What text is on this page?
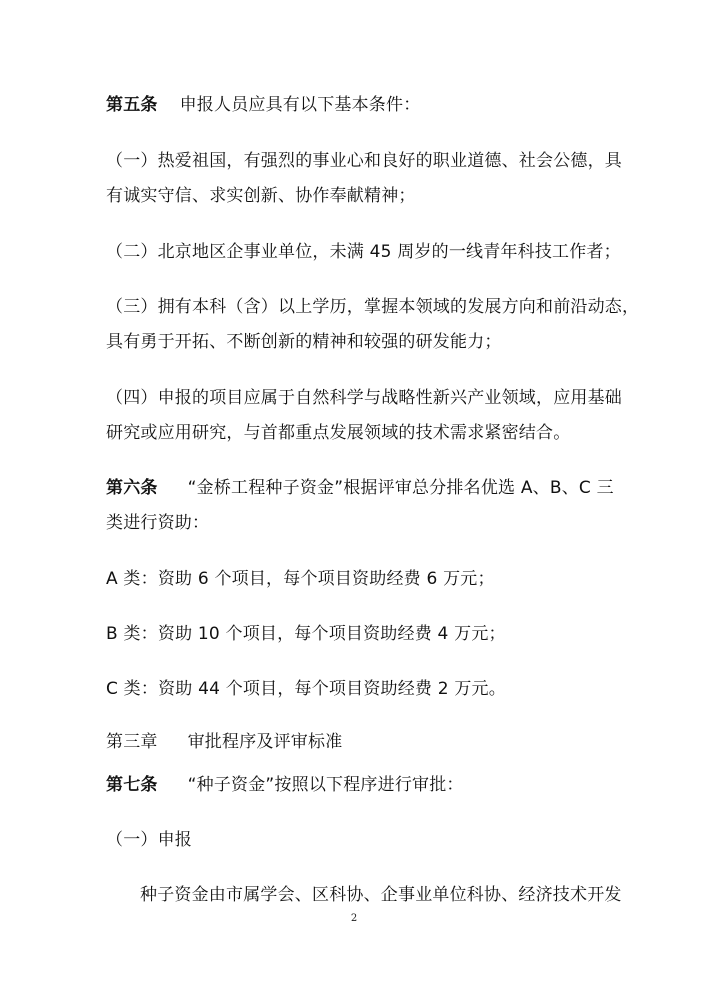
第五条 申报人员应具有以下基本条件：
（一）热爱祖国，有强烈的事业心和良好的职业道德、社会公德，具
有诚实守信、求实创新、协作奉献精神；
（二）北京地区企事业单位，未满 45 周岁的一线青年科技工作者；
（三）拥有本科（含）以上学历，掌握本领域的发展方向和前沿动态，
具有勇于开拓、不断创新的精神和较强的研发能力；
（四）申报的项目应属于自然科学与战略性新兴产业领域，应用基础
研究或应用研究，与首都重点发展领域的技术需求紧密结合。
第六条 “金桥工程种子资金”根据评审总分排名优选 A、B、C 三
类进行资助：
A 类：资助 6 个项目，每个项目资助经费 6 万元；
B 类：资助 10 个项目，每个项目资助经费 4 万元；
C 类：资助 44 个项目，每个项目资助经费 2 万元。
第三章 审批程序及评审标准
第七条 “种子资金”按照以下程序进行审批：
（一）申报
种子资金由市属学会、区科协、企事业单位科协、经济技术开发
2
